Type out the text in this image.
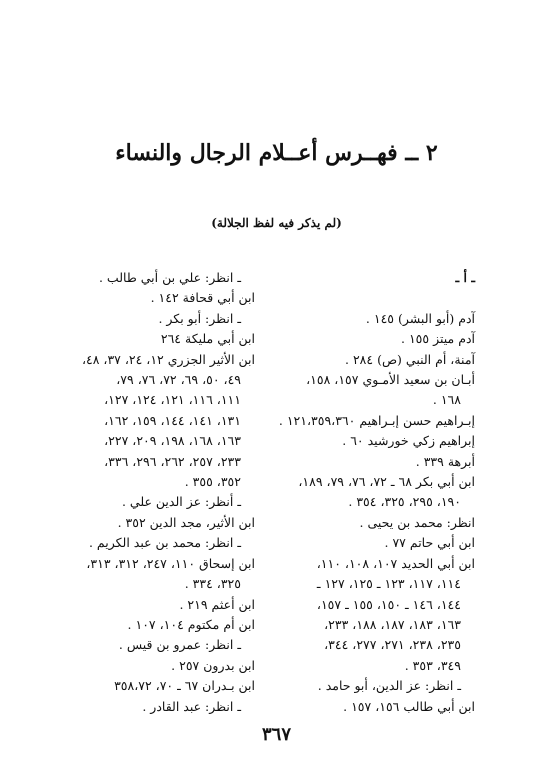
٢ ــ فهــرس أعــلام الرجال والنساء
(لم يذكر فيه لفظ الجلالة)
ـ أ ـ

آدم (أبو البشر) ١٤٥ .
آدم ميتز ١٥٥ .
آمنة، أم النبي (ص) ٢٨٤ .
أبـان بن سعيد الأمـوي ١٥٧، ١٥٨،
١٦٨ .
إبـراهيم حسن إبـراهيم ١٢١،٣٥٩،٣٦٠ .
إبراهيم زكي خورشيد ٦٠ .
أبرهة ٣٣٩ .
ابن أبي بكر ٦٨ ـ ٧٢، ٧٦، ٧٩، ١٨٩،
١٩٠، ٢٩٥، ٣٢٥، ٣٥٤ .
انظر: محمد بن يحيى .
ابن أبي حاتم ٧٧ .
ابن أبي الحديد ١٠٧، ١٠٨، ١١٠،
١١٤، ١١٧، ١٢٣ ـ ١٢٥، ١٢٧ ـ
١٤٤، ١٤٦ ـ ١٥٠، ١٥٥ ـ ١٥٧،
١٦٣، ١٨٣، ١٨٧، ١٨٨، ٢٣٣،
٢٣٥، ٢٣٨، ٢٧١، ٢٧٧، ٣٤٤،
٣٤٩، ٣٥٣ .
ـ انظر: عز الدين، أبو حامد .
ابن أبي طالب ١٥٦، ١٥٧ .
ـ انظر: علي بن أبي طالب .
ابن أبي قحافة ١٤٢ .
ـ انظر: أبو بكر .
ابن أبي مليكة ٢٦٤
ابن الأثير الجزري ١٢، ٢٤، ٣٧، ٤٨،
٤٩، ٥٠، ٦٩، ٧٢، ٧٦، ٧٩،
١١١، ١١٦، ١٢١، ١٢٤، ١٢٧،
١٣١، ١٤١، ١٤٤، ١٥٩، ١٦٢،
١٦٣، ١٦٨، ١٩٨، ٢٠٩، ٢٢٧،
٢٣٣، ٢٥٧، ٢٦٢، ٢٩٦، ٣٣٦،
٣٥٢، ٣٥٥ .
ـ أنظر: عز الدين علي .
ابن الأثير، مجد الدين ٣٥٢ .
ـ انظر: محمد بن عبد الكريم .
ابن إسحاق ١١٠، ٢٤٧، ٣١٢، ٣١٣،
٣٢٥، ٣٣٤ .
ابن أعثم ٢١٩ .
ابن أم مكتوم ١٠٤، ١٠٧ .
ـ انظر: عمرو بن قيس .
ابن بدرون ٢٥٧ .
ابن بـدران ٦٧ ـ ٧٠، ٣٥٨،٧٢
ـ انظر: عبد القادر .
٣٦٧
